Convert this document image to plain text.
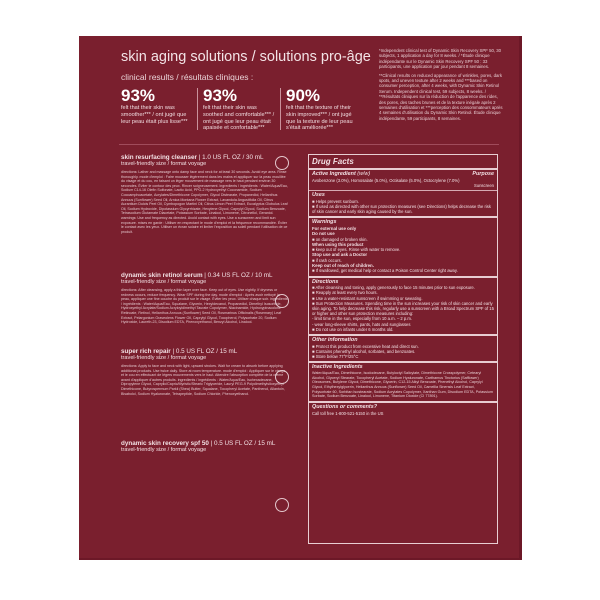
skin aging solutions / solutions pro-âge
clinical results / résultats cliniques :
93%
felt that their skin was smoother*** / ont jugé que leur peau était plus lisse***
93%
felt that their skin was soothed and comfortable*** / ont jugé que leur peau était apaisée et confortable***
90%
felt that the texture of their skin improved*** / ont jugé que la texture de leur peau s'était améliorée***

*Independent clinical test of Dynamic Skin Recovery SPF 50, 30 subjects, 1 application a day for 8 weeks. / *Étude clinique indépendante sur le Dynamic Skin Recovery SPF 50 : 33 participants, une application par jour pendant 8 semaines.

**Clinical results on reduced appearance of wrinkles, pores, dark spots, and uneven texture after 2 weeks and ***based on consumer perception, after 4 weeks, with Dynamic Skin Retinol Serum. Independent clinical test, 59 subjects, 8 weeks. / **Résultats cliniques sur la réduction de l'apparence des rides, des pores, des taches brunes et de la texture inégale après 2 semaines d'utilisation et ***perception des consommateurs après 4 semaines d'utilisation du Dynamic Skin Retinol. Étude clinique indépendante, 59 participants, 8 semaines.

skin resurfacing cleanser | 1.0 US FL OZ / 30 mL
travel-friendly size / format voyage
directions: Lather and massage onto damp face and neck for at least 30 seconds. Avoid eye area. Rinse thoroughly. mode d'emploi : Faire mousser légèrement dans les mains et appliquer sur la peau mouillée du visage et du cou, en faisant un léger mouvement de massage vers le haut pendant environ 30 secondes. Éviter le contour des yeux. Rincer soigneusement. ingredients / ingrédients : Water/Aqua/Eau, Sodium C14-16 Olefin Sulfonate, Lactic Acid, PPG-2 Hydroxyethyl Coconamide, Sodium Cocoamphoacetate, Acrylates/Dimethicone Copolymer, Glycol Distearate, Propanediol, Helianthus Annuus (Sunflower) Seed Oil, Arnica Montana Flower Extract, Lavandula Angustifolia Oil, Citrus Aurantium Dulcis Peel Oil, Cymbopogon Martini Oil, Citrus Limon Peel Extract, Eucalyptus Globulus Leaf Oil, Sodium Hydroxide, Dipotassium Glycyrrhizate, Hexylene Glycol, Caprylyl Glycol, Sodium Benzoate, Tetrasodium Glutamate Diacetate, Potassium Sorbate, Linalool, Limonene, Citronellol, Geraniol. warnings: Use and frequency as directed. Avoid contact with eyes. Use a sunscreen and limit sun exposure. mises en garde : Utiliser en respectant le mode d'emploi et la fréquence recommandée. Éviter le contact avec les yeux. Utiliser un écran solaire et limiter l'exposition au soleil pendant l'utilisation de ce produit.
dynamic skin retinol serum | 0.34 US FL OZ / 10 mL
travel-friendly size / format voyage
directions: After cleansing, apply a thin layer over face. Keep out of eyes. Use nightly. If dryness or redness occurs, reduce frequency. Wear SPF during the day. mode d'emploi : Après avoir nettoyé la peau, appliquer une fine couche du produit sur le visage. Éviter les yeux. Utiliser chaque soir. ingredients / ingrédients : Water/Aqua/Eau, Squalane, Glycerin, Hexyldecanol, Propanediol, Dimethyl Isosorbide, Hydroxyethyl Acrylate/Sodium Acryloyldimethyl Taurate Copolymer, Niacinamide, Hydroxypinacolone Retinoate, Retinol, Helianthus Annuus (Sunflower) Seed Oil, Rosmarinus Officinalis (Rosemary) Leaf Extract, Pelargonium Graveolens Flower Oil, Caprylyl Glycol, Tocopherol, Polysorbate 20, Sodium Hydroxide, Laureth-23, Disodium EDTA, Phenoxyethanol, Benzyl Alcohol, Linalool.
super rich repair | 0.5 US FL OZ / 15 mL
travel-friendly size / format voyage
directions: Apply to face and neck with light, upward strokes. Wait for cream to absorb before applying additional products. Use twice daily. Store at room temperature. mode d'emploi : Appliquer sur le visage et le cou en effectuant de légers mouvements vers le haut. Attendre l'absorption complète de la crème avant d'appliquer d'autres produits. ingredients / ingrédients : Water/Aqua/Eau, Isohexadecane, Dipropylene Glycol, Caprylic/Capric/Myristic/Stearic Triglyceride, Lauryl PEG-9 Polydimethylsiloxyethyl Dimethicone, Butyrospermum Parkii (Shea) Butter, Squalane, Tocopheryl Acetate, Panthenol, Allantoin, Bisabolol, Sodium Hyaluronate, Tetrapeptide, Sodium Chloride, Phenoxyethanol.
dynamic skin recovery spf 50 | 0.5 US FL OZ / 15 mL
travel-friendly size / format voyage
Drug Facts
Active Ingredient (w/w)	Purpose
Avobenzone (3.0%), Homosalate (5.0%), Octisalate (5.0%), Octocrylene (7.0%)
Sunscreen
Uses
■ Helps prevent sunburn.
■ If used as directed with other sun protection measures (see Directions) helps decrease the risk of skin cancer and early skin aging caused by the sun.
Warnings
For external use only
Do not use
■ on damaged or broken skin.
When using this product
■ keep out of eyes. Rinse with water to remove.
Stop use and ask a Doctor
■ if rash occurs.
Keep out of reach of children.
■ If swallowed, get medical help or contact a Poison Control Center right away.
Directions
■ After cleansing and toning, apply generously to face 15 minutes prior to sun exposure.
■ Reapply at least every two hours.
■ Use a water-resistant sunscreen if swimming or sweating.
■ Sun Protection Measures. Spending time in the sun increases your risk of skin cancer and early skin aging. To help decrease this risk, regularly use a sunscreen with a Broad Spectrum SPF of 15 or higher and other sun protection measures including:
- limit time in the sun, especially from 10 a.m. – 2 p.m.
- wear long-sleeve shirts, pants, hats and sunglasses
■ Do not use on infants under 6 months old.
Other information
■ Protect this product from excessive heat and direct sun.
■ Contains phenethyl alcohol, sorbates, and benzoates.
■ Store below 77°F/25°C
Inactive Ingredients
Water/Aqua/Eau, Dimethicone, Isododecane, Butyloctyl Salicylate, Dimethicone Crosspolymer, Cetearyl Alcohol, Glyceryl Stearate, Tocopheryl Acetate, Sodium Hyaluronate, Carthamus Tinctorius (Safflower) Oleosomes, Butylene Glycol, Dimethicone, Glycerin, C12-15 Alkyl Benzoate, Phenethyl Alcohol, Caprylyl Glycol, Ethylhexylglycerin, Helianthus Annuus (Sunflower) Seed Oil, Camellia Sinensis Leaf Extract, Polysorbate 60, Sorbitan Isostearate, Sodium Acrylates Copolymer, Xanthan Gum, Disodium EDTA, Potassium Sorbate, Sodium Benzoate, Linalool, Limonene, Titanium Dioxide (CI 77891).
Questions or comments?
Call toll free 1-800-521-5150 in the US
